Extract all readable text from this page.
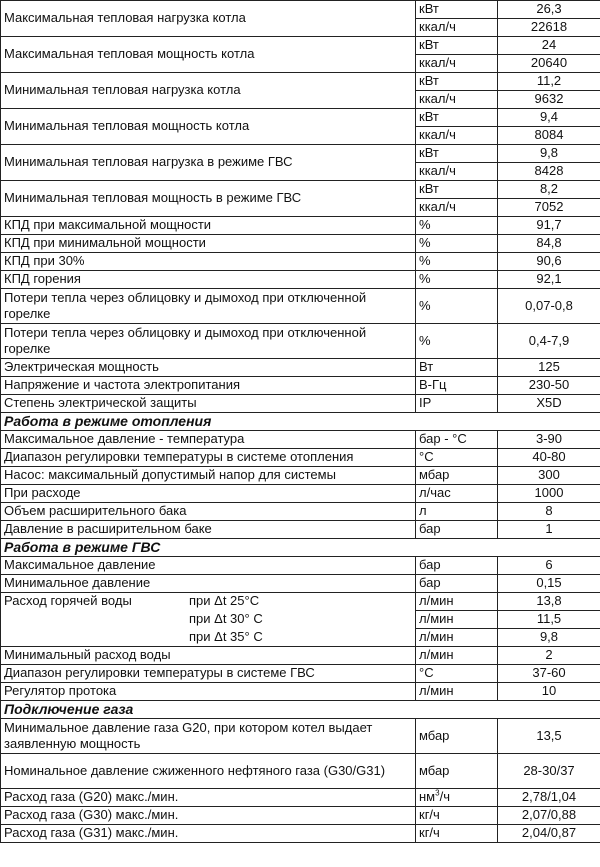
Максимальная тепловая нагрузка котла	кВт	26,3
	ккал/ч	22618
Максимальная тепловая мощность котла	кВт	24
	ккал/ч	20640
Минимальная тепловая нагрузка котла	кВт	11,2
	ккал/ч	9632
Минимальная тепловая мощность котла	кВт	9,4
	ккал/ч	8084
Минимальная тепловая нагрузка в режиме ГВС	кВт	9,8
	ккал/ч	8428
Минимальная тепловая мощность в режиме ГВС	кВт	8,2
	ккал/ч	7052
КПД при максимальной мощности	%	91,7
КПД при минимальной мощности	%	84,8
КПД при 30%	%	90,6
КПД горения	%	92,1
Потери тепла через облицовку и дымоход при отключенной горелке	%	0,07-0,8
Потери тепла через облицовку и дымоход при отключенной горелке	%	0,4-7,9
Электрическая мощность	Вт	125
Напряжение и частота электропитания	В-Гц	230-50
Степень электрической защиты	IP	X5D
Работа в режиме отопления		
Максимальное давление - температура	бар - °С	3-90
Диапазон регулировки температуры в системе отопления	°С	40-80
Насос: максимальный допустимый напор для системы	мбар	300
При расходе	л/час	1000
Объем расширительного бака	л	8
Давление в расширительном баке	бар	1
Работа в режиме ГВС		
Максимальное давление	бар	6
Минимальное давление	бар	0,15
Расход горячей воды при Δt 25°С	л/мин	13,8
при Δt 30° С	л/мин	11,5
при Δt 35° С	л/мин	9,8
Минимальный расход воды	л/мин	2
Диапазон регулировки температуры в системе ГВС	°С	37-60
Регулятор протока	л/мин	10
Подключение газа		
Минимальное давление газа G20, при котором котел выдает заявленную мощность	мбар	13,5
Номинальное давление сжиженного нефтяного газа (G30/G31)	мбар	28-30/37
Расход газа (G20) макс./мин.	$нм^3/ч$	2,78/1,04
Расход газа (G30) макс./мин.	кг/ч	2,07/0,88
Расход газа (G31) макс./мин.	кг/ч	2,04/0,87
